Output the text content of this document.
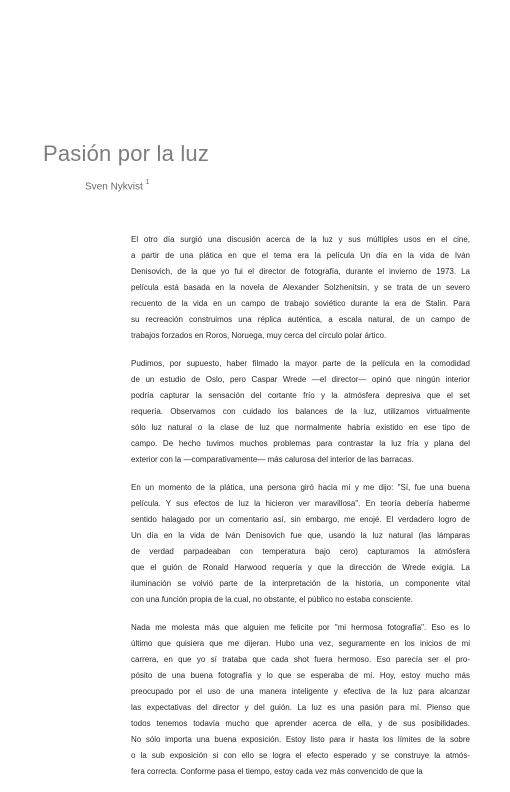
Pasión por la luz
Sven Nykvist $^1$
El otro día surgió una discusión acerca de la luz y sus múltiples usos en el cine,
a partir de una plática en que el tema era la película Un día en la vida de Iván
Denisovich, de la que yo fui el director de fotografía, durante el invierno de 1973. La
película está basada en la novela de Alexander Solzhenitsin, y se trata de un severo
recuento de la vida en un campo de trabajo soviético durante la era de Stalin. Para
su recreación construimos una réplica auténtica, a escala natural, de un campo de
trabajos forzados en Roros, Noruega, muy cerca del círculo polar ártico.
Pudimos, por supuesto, haber filmado la mayor parte de la película en la comodidad
de un estudio de Oslo, pero Caspar Wrede —el director— opinó que ningún interior
podría capturar la sensación del cortante frío y la atmósfera depresiva que el set
requería. Observamos con cuidado los balances de la luz, utilizamos virtualmente
sólo luz natural o la clase de luz que normalmente habría existido en ese tipo de
campo. De hecho tuvimos muchos problemas para contrastar la luz fría y plana del
exterior con la —comparativamente— más calurosa del interior de las barracas.
En un momento de la plática, una persona giró hacia mí y me dijo: "Sí, fue una buena
película. Y sus efectos de luz la hicieron ver maravillosa". En teoría debería haberme
sentido halagado por un comentario así, sin embargo, me enojé. El verdadero logro de
Un día en la vida de Iván Denisovich fue que, usando la luz natural (las lámparas
de verdad parpadeaban con temperatura bajo cero) capturamos la atmósfera
que el guión de Ronald Harwood requería y que la dirección de Wrede exigía. La
iluminación se volvió parte de la interpretación de la historia, un componente vital
con una función propia de la cual, no obstante, el público no estaba consciente.
Nada me molesta más que alguien me felicite por "mi hermosa fotografía". Eso es lo
último que quisiera que me dijeran. Hubo una vez, seguramente en los inicios de mi
carrera, en que yo sí trataba que cada shot fuera hermoso. Eso parecía ser el pro-
pósito de una buena fotografía y lo que se esperaba de mí. Hoy, estoy mucho más
preocupado por el uso de una manera inteligente y efectiva de la luz para alcanzar
las expectativas del director y del guión. La luz es una pasión para mí. Pienso que
todos tenemos todavía mucho que aprender acerca de ella, y de sus posibilidades.
No sólo importa una buena exposición. Estoy listo para ir hasta los límites de la sobre
o la sub exposición si con ello se logra el efecto esperado y se construye la atmós-
fera correcta. Conforme pasa el tiempo, estoy cada vez más convencido de que la
